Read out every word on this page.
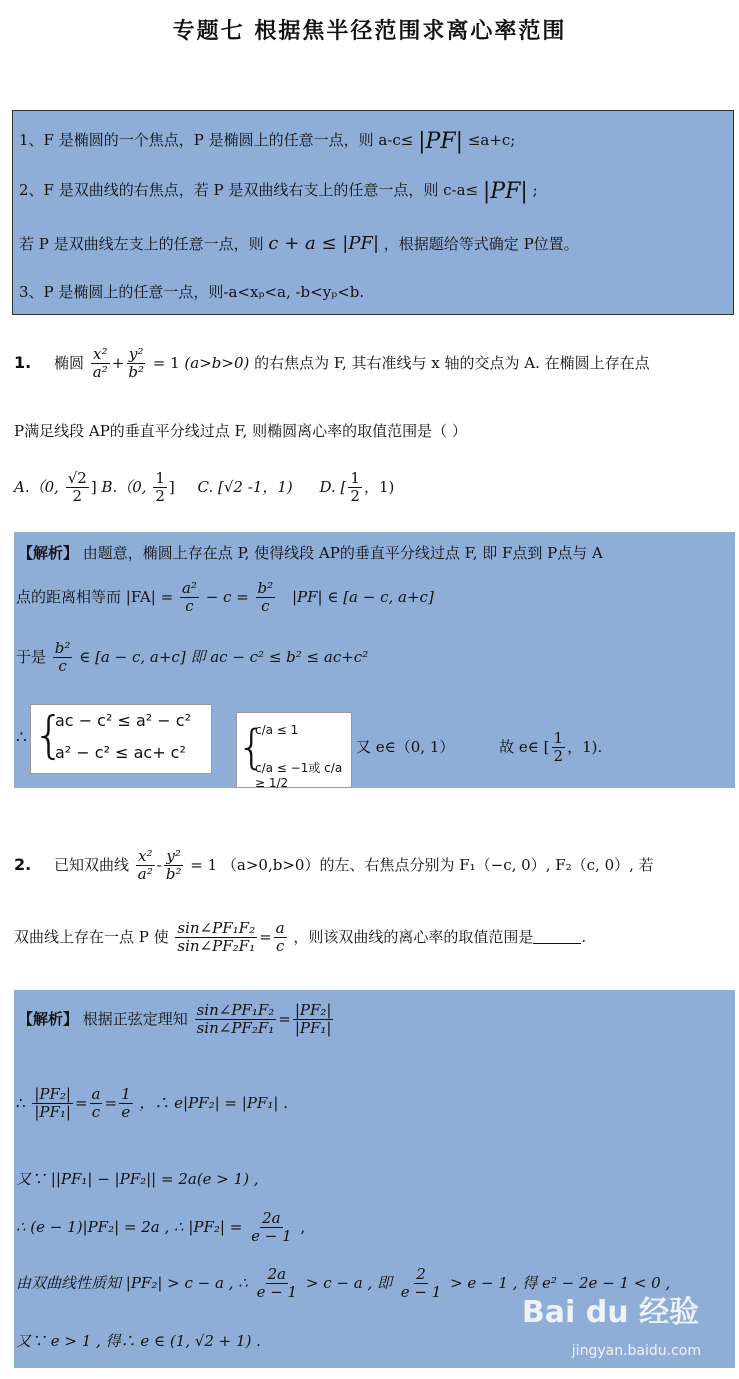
专题七 根据焦半径范围求离心率范围
1、F 是椭圆的一个焦点，P 是椭圆上的任意一点，则 a-c≤ |PF| ≤a+c;
2、F 是双曲线的右焦点，若 P 是双曲线右支上的任意一点，则 c-a≤ |PF| ;
若 P 是双曲线左支上的任意一点，则 c + a ≤ |PF| ，根据题给等式确定 P位置。
3、P 是椭圆上的任意一点，则-a<xₚ<a, -b<yₚ<b.
1. 椭圆 $\frac{\text{x²}}{\text{a²}} + \frac{\text{y²}}{\text{b²}} = 1$ (a>b>0) 的右焦点为 F, 其右准线与 x 轴的交点为 A. 在椭圆上存在点
P满足线段 AP的垂直平分线过点 F, 则椭圆离心率的取值范围是（ ）
A.（0, $\frac{√2}{2}$ ] B.（0, $\frac{1}{2}$ ] C. [√2 -1，1) D. [ $\frac{1}{2}$ ，1)
【解析】 由题意，椭圆上存在点 P, 使得线段 AP的垂直平分线过点 F, 即 F点到 P点与 A
点的距离相等而 $|FA| = \frac{\text{a²}}{c} - c = \frac{\text{b²}}{c} |PF|$ ∈ [a − c, a+c]
于是 $\frac{\text{b²}}{c}$ ∈ [a − c, a+c] 即 ac − c² ≤ b² ≤ ac+c²
∴ {
ac − c² ≤ a² − c²
a² − c² ≤ ac+ c² {
c/a ≤ 1
c/a ≤ −1或 c/a ≥ 1/2
又 e∈（0, 1）	故 e∈ [ $\frac{1}{2}$ ，1).
2. 已知双曲线 $\frac{\text{x²}}{\text{a²}} - \frac{\text{y²}}{\text{b²}} = 1$ （a>0,b>0）的左、右焦点分别为 F₁（−c, 0）, F₂（c, 0）, 若
双曲线上存在一点 P 使 $\frac{\text{sin∠PF₁F₂}}{\text{sin∠PF₂F₁}} = \frac{a}{c}$ ，则该双曲线的离心率的取值范围是	.
【解析】 根据正弦定理知 $\frac{\text{sin∠PF₁F₂}}{\text{sin∠PF₂F₁}} = \frac{\text{|PF₂|}}{\text{|PF₁|}}$
∴ $\frac{\text{|PF₂|}}{\text{|PF₁|}} = \frac{a}{c} = \frac{1}{e}$ ，∴ e|PF₂| = |PF₁| .
又∵ ||PF₁| − |PF₂|| = 2a(e > 1) ,
∴ (e − 1)|PF₂| = 2a , ∴ $|PF_2| = \frac{2a}{e - 1}$ ,
由双曲线性质知 |PF₂| > c − a , ∴ $\frac{2a}{e - 1} > c - a$ , 即 $\frac{2}{e - 1} > e - 1$ , 得 e² − 2e − 1 < 0 ,
又∵ e > 1 , 得∴ e ∈ (1, √2 + 1) .
Bai du 经验
jingyan.baidu.com
